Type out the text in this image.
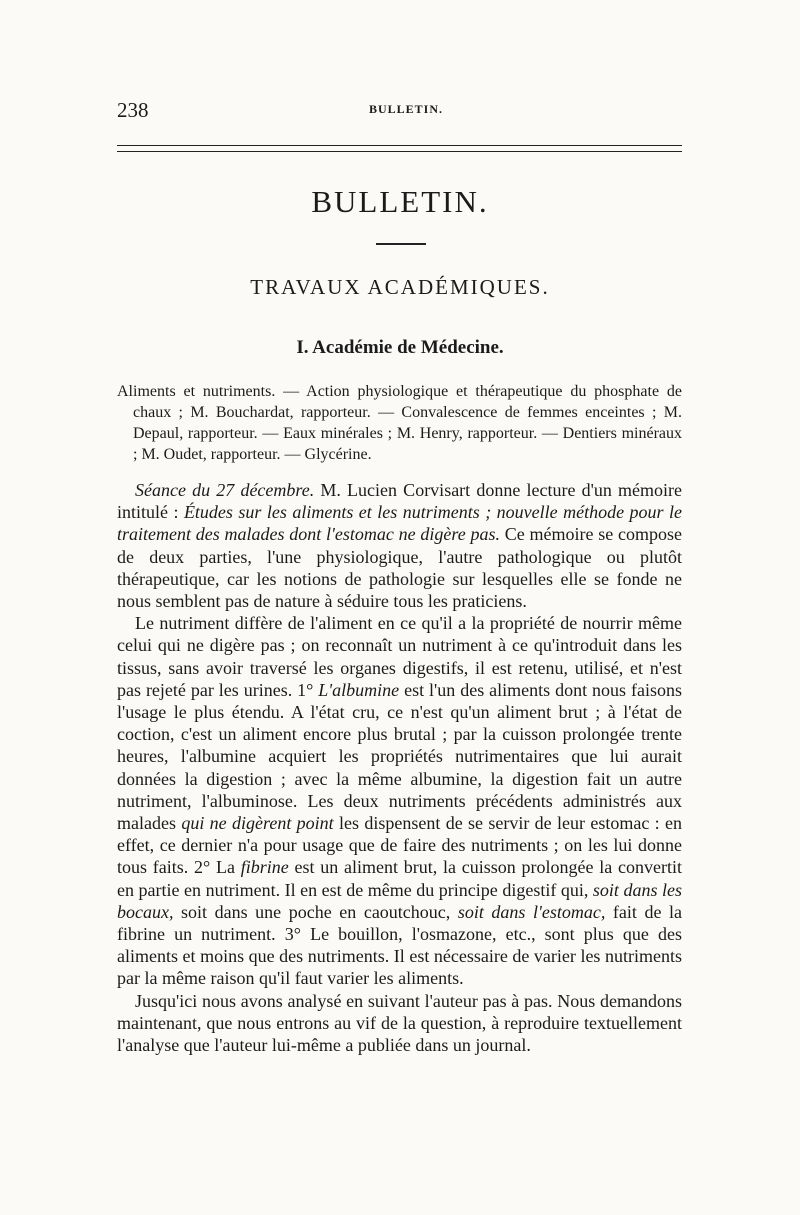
238	BULLETIN.
BULLETIN.
TRAVAUX ACADÉMIQUES.
I. Académie de Médecine.

Aliments et nutriments. — Action physiologique et thérapeutique du phosphate de chaux ; M. Bouchardat, rapporteur. — Convalescence de femmes enceintes ; M. Depaul, rapporteur. — Eaux minérales ; M. Henry, rapporteur. — Dentiers minéraux ; M. Oudet, rapporteur. — Glycérine.

Séance du 27 décembre. M. Lucien Corvisart donne lecture d'un mémoire intitulé : Études sur les aliments et les nutriments ; nouvelle méthode pour le traitement des malades dont l'estomac ne digère pas. Ce mémoire se compose de deux parties, l'une physiologique, l'autre pathologique ou plutôt thérapeutique, car les notions de pathologie sur lesquelles elle se fonde ne nous semblent pas de nature à séduire tous les praticiens.

Le nutriment diffère de l'aliment en ce qu'il a la propriété de nourrir même celui qui ne digère pas ; on reconnaît un nutriment à ce qu'introduit dans les tissus, sans avoir traversé les organes digestifs, il est retenu, utilisé, et n'est pas rejeté par les urines. 1° L'albumine est l'un des aliments dont nous faisons l'usage le plus étendu. A l'état cru, ce n'est qu'un aliment brut ; à l'état de coction, c'est un aliment encore plus brutal ; par la cuisson prolongée trente heures, l'albumine acquiert les propriétés nutrimentaires que lui aurait données la digestion ; avec la même albumine, la digestion fait un autre nutriment, l'albuminose. Les deux nutriments précédents administrés aux malades qui ne digèrent point les dispensent de se servir de leur estomac : en effet, ce dernier n'a pour usage que de faire des nutriments ; on les lui donne tous faits. 2° La fibrine est un aliment brut, la cuisson prolongée la convertit en partie en nutriment. Il en est de même du principe digestif qui, soit dans les bocaux, soit dans une poche en caoutchouc, soit dans l'estomac, fait de la fibrine un nutriment. 3° Le bouillon, l'osmazone, etc., sont plus que des aliments et moins que des nutriments. Il est nécessaire de varier les nutriments par la même raison qu'il faut varier les aliments.

Jusqu'ici nous avons analysé en suivant l'auteur pas à pas. Nous demandons maintenant, que nous entrons au vif de la question, à reproduire textuellement l'analyse que l'auteur lui-même a publiée dans un journal.
